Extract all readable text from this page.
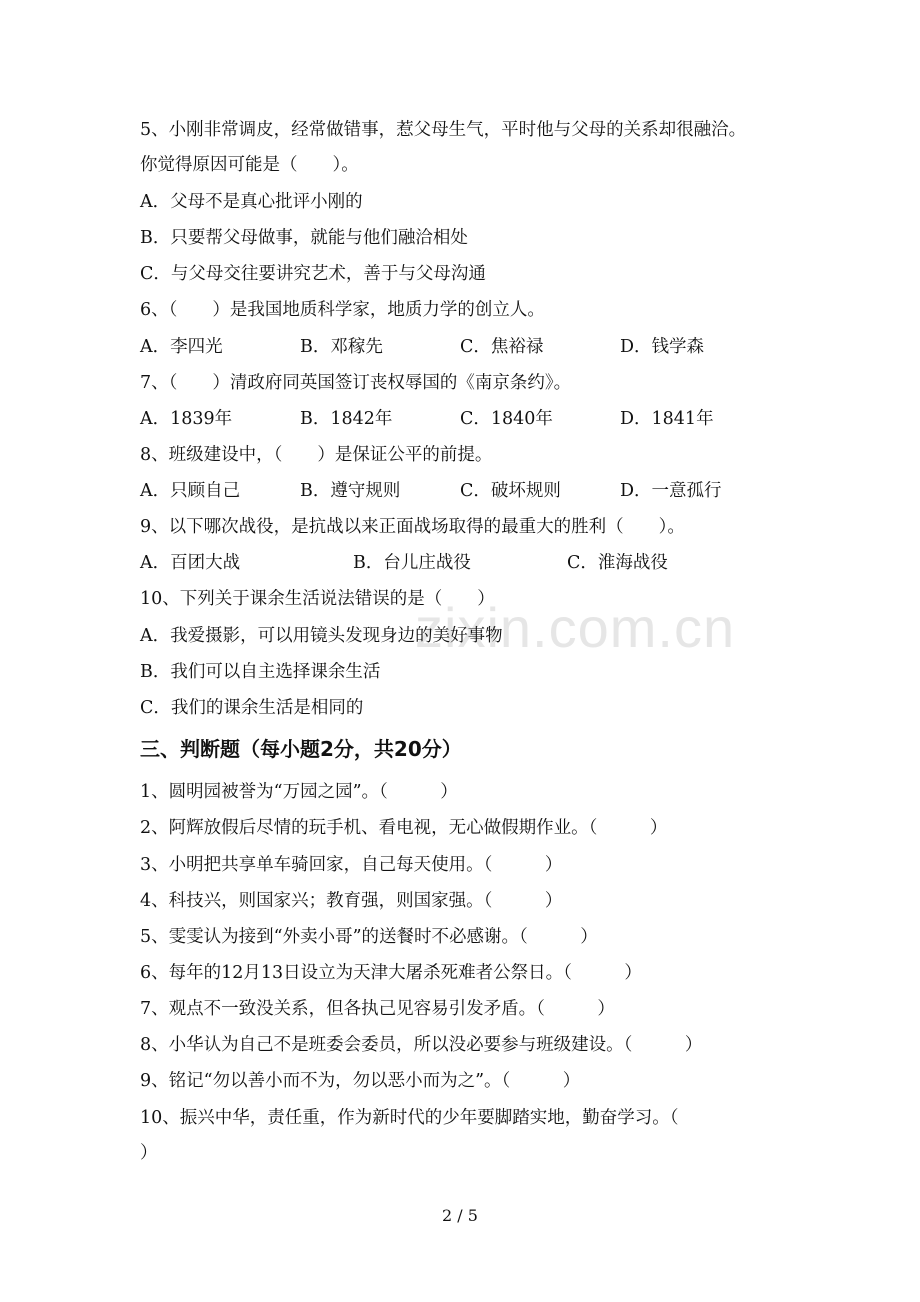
zixin.com.cn
5、小刚非常调皮，经常做错事，惹父母生气，平时他与父母的关系却很融洽。
你觉得原因可能是（　　）。
A．父母不是真心批评小刚的
B．只要帮父母做事，就能与他们融洽相处
C．与父母交往要讲究艺术，善于与父母沟通
6、（　　）是我国地质科学家，地质力学的创立人。
A．李四光	B．邓稼先	C．焦裕禄	D．钱学森
7、（　　）清政府同英国签订丧权辱国的《南京条约》。
A．1839年	B．1842年	C．1840年	D．1841年
8、班级建设中，（　　）是保证公平的前提。
A．只顾自己	B．遵守规则	C．破坏规则	D．一意孤行
9、以下哪次战役，是抗战以来正面战场取得的最重大的胜利（　　）。
A．百团大战	B．台儿庄战役	C．淮海战役
10、下列关于课余生活说法错误的是（　　）
A．我爱摄影，可以用镜头发现身边的美好事物
B．我们可以自主选择课余生活
C．我们的课余生活是相同的
三、判断题（每小题2分，共20分）
1、圆明园被誉为“万园之园”。（　　　）
2、阿辉放假后尽情的玩手机、看电视，无心做假期作业。（　　　）
3、小明把共享单车骑回家，自己每天使用。（　　　）
4、科技兴，则国家兴；教育强，则国家强。（　　　）
5、雯雯认为接到“外卖小哥”的送餐时不必感谢。（　　　）
6、每年的12月13日设立为天津大屠杀死难者公祭日。（　　　）
7、观点不一致没关系，但各执己见容易引发矛盾。（　　　）
8、小华认为自己不是班委会委员，所以没必要参与班级建设。（　　　）
9、铭记“勿以善小而不为，勿以恶小而为之”。（　　　）
10、振兴中华，责任重，作为新时代的少年要脚踏实地，勤奋学习。（
）
2 / 5
